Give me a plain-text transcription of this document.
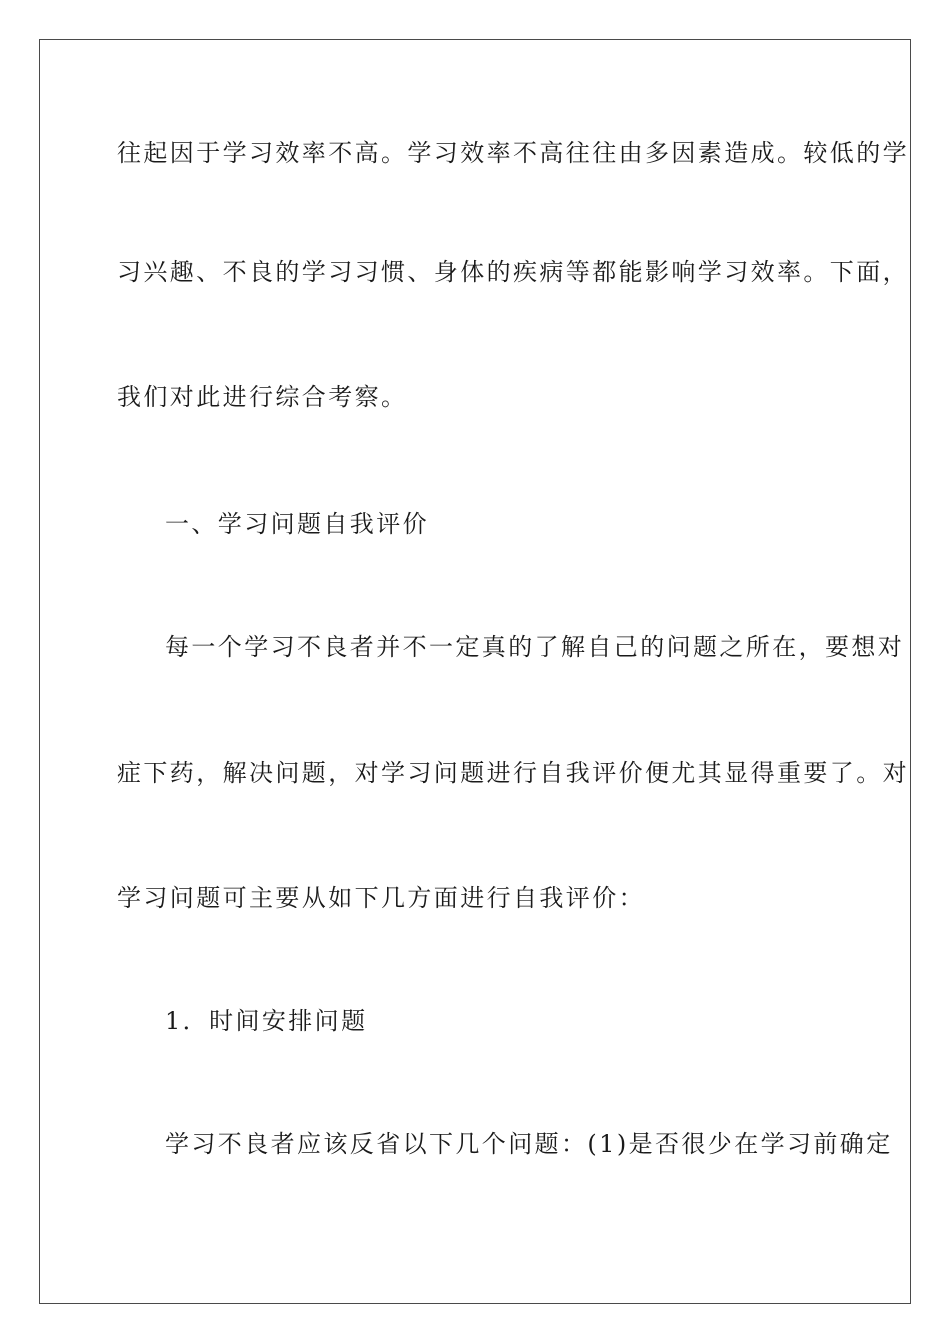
往起因于学习效率不高。学习效率不高往往由多因素造成。较低的学
习兴趣、不良的学习习惯、身体的疾病等都能影响学习效率。下面，
我们对此进行综合考察。
一、学习问题自我评价
每一个学习不良者并不一定真的了解自己的问题之所在，要想对
症下药，解决问题，对学习问题进行自我评价便尤其显得重要了。对
学习问题可主要从如下几方面进行自我评价：
1．时间安排问题
学习不良者应该反省以下几个问题：(1)是否很少在学习前确定
